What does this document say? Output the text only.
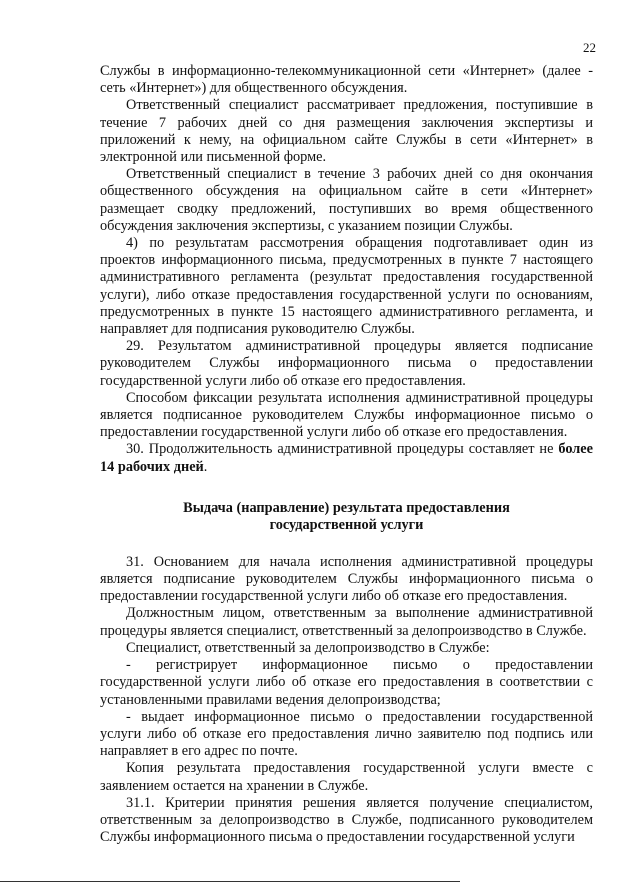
22

Службы в информационно-телекоммуникационной сети «Интернет» (далее - сеть «Интернет») для общественного обсуждения.

Ответственный специалист рассматривает предложения, поступившие в течение 7 рабочих дней со дня размещения заключения экспертизы и приложений к нему, на официальном сайте Службы в сети «Интернет» в электронной или письменной форме.

Ответственный специалист в течение 3 рабочих дней со дня окончания общественного обсуждения на официальном сайте в сети «Интернет» размещает сводку предложений, поступивших во время общественного обсуждения заключения экспертизы, с указанием позиции Службы.

4) по результатам рассмотрения обращения подготавливает один из проектов информационного письма, предусмотренных в пункте 7 настоящего административного регламента (результат предоставления государственной услуги), либо отказе предоставления государственной услуги по основаниям, предусмотренных в пункте 15 настоящего административного регламента, и направляет для подписания руководителю Службы.

29. Результатом административной процедуры является подписание руководителем Службы информационного письма о предоставлении государственной услуги либо об отказе его предоставления.

Способом фиксации результата исполнения административной процедуры является подписанное руководителем Службы информационное письмо о предоставлении государственной услуги либо об отказе его предоставления.

30. Продолжительность административной процедуры составляет не более 14 рабочих дней.

Выдача (направление) результата предоставления
государственной услуги

31. Основанием для начала исполнения административной процедуры является подписание руководителем Службы информационного письма о предоставлении государственной услуги либо об отказе его предоставления.

Должностным лицом, ответственным за выполнение административной процедуры является специалист, ответственный за делопроизводство в Службе.

Специалист, ответственный за делопроизводство в Службе:

-     регистрирует     информационное     письмо     о     предоставлении государственной услуги либо об отказе его предоставления в соответствии с установленными правилами ведения делопроизводства;

- выдает информационное письмо о предоставлении государственной услуги либо об отказе его предоставления лично заявителю под подпись или направляет в его адрес по почте.

Копия результата предоставления государственной услуги вместе с заявлением остается на хранении в Службе.

31.1. Критерии принятия решения является получение специалистом, ответственным за делопроизводство в Службе, подписанного руководителем Службы информационного письма о предоставлении государственной услуги
